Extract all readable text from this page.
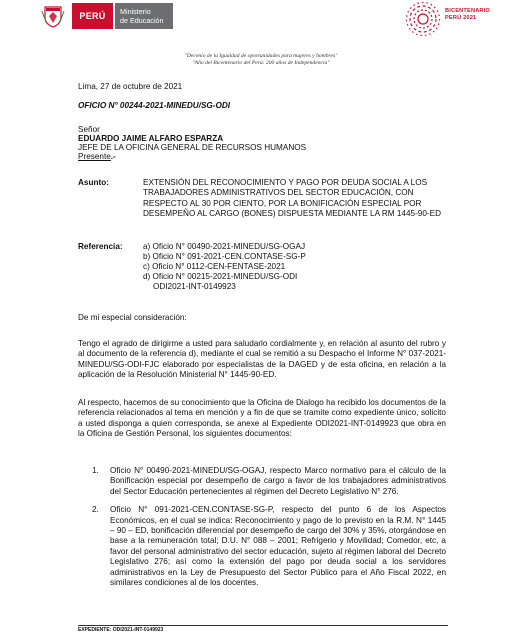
PERÚ	Ministerio
de Educación
BICENTENARIO
PERÚ 2021
"Decenio de la Igualdad de oportunidades para mujeres y hombres"
"Año del Bicentenario del Perú: 200 años de Independencia"
Lima, 27 de octubre de 2021
OFICIO N° 00244-2021-MINEDU/SG-ODI
Señor
EDUARDO JAIME ALFARO ESPARZA
JEFE DE LA OFICINA GENERAL DE RECURSOS HUMANOS
Presente.-
Asunto:	EXTENSIÓN DEL RECONOCIMIENTO Y PAGO POR DEUDA SOCIAL A LOS TRABAJADORES ADMINISTRATIVOS DEL SECTOR EDUCACIÓN, CON RESPECTO AL 30 POR CIENTO, POR LA BONIFICACIÓN ESPECIAL POR DESEMPEÑO AL CARGO (BONES) DISPUESTA MEDIANTE LA RM 1445-90-ED
Referencia: a) Oficio N° 00490-2021-MINEDU/SG-OGAJ
b) Oficio N° 091-2021-CEN.CONTASE-SG-P
c) Oficio N° 0112-CEN-FENTASE-2021
d) Oficio N° 00215-2021-MINEDU/SG-ODI
ODI2021-INT-0149923
De mi especial consideración:
Tengo el agrado de dirigirme a usted para saludarlo cordialmente y, en relación al asunto del rubro y al documento de la referencia d), mediante el cual se remitió a su Despacho el Informe N° 037-2021-MINEDU/SG-ODI-FJC elaborado por especialistas de la DAGED y de esta oficina, en relación a la aplicación de la Resolución Ministerial N° 1445-90-ED.
Al respecto, hacemos de su conocimiento que la Oficina de Dialogo ha recibido los documentos de la referencia relacionados al tema en mención y a fin de que se tramite como expediente único, solicito a usted disponga a quien corresponda, se anexe al Expediente ODI2021-INT-0149923 que obra en la Oficina de Gestión Personal, los siguientes documentos:
1.	Oficio N° 00490-2021-MINEDU/SG-OGAJ, respecto Marco normativo para el cálculo de la Bonificación especial por desempeño de cargo a favor de los trabajadores administrativos del Sector Educación pertenecientes al régimen del Decreto Legislativo N° 276.
2.	Oficio N° 091-2021-CEN.CONTASE-SG-P, respecto del punto 6 de los Aspectos Económicos, en el cual se indica: Reconocimiento y pago de lo previsto en la R.M. N° 1445 – 90 – ED, bonificación diferencial por desempeño de cargo del 30% y 35%, otorgándose en base a la remuneración total; D.U. N° 088 – 2001; Refrigerio y Movilidad; Comedor, etc, a favor del personal administrativo del sector educación, sujeto al régimen laboral del Decreto Legislativo 276; así como la extensión del pago por deuda social a los servidores administrativos en la Ley de Presupuesto del Sector Público para el Año Fiscal 2022, en similares condiciones al de los docentes.
EXPEDIENTE: ODI2021-INT-0149923
